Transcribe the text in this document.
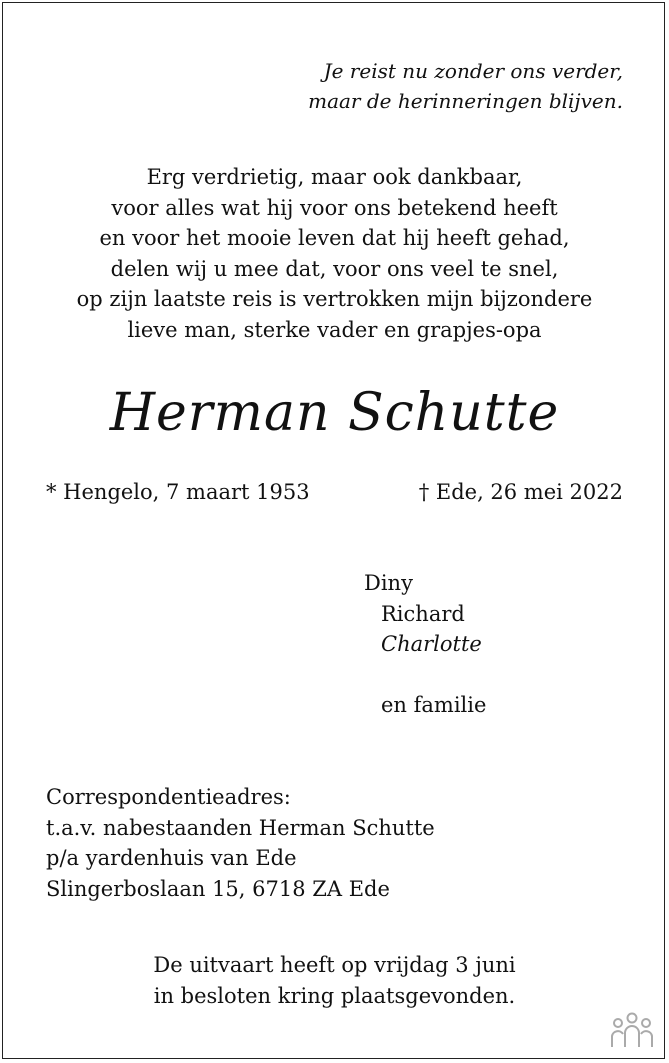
Je reist nu zonder ons verder,
maar de herinneringen blijven.
Erg verdrietig, maar ook dankbaar,
voor alles wat hij voor ons betekend heeft
en voor het mooie leven dat hij heeft gehad,
delen wij u mee dat, voor ons veel te snel,
op zijn laatste reis is vertrokken mijn bijzondere
lieve man, sterke vader en grapjes-opa
Herman Schutte
* Hengelo, 7 maart 1953	† Ede, 26 mei 2022
Diny
Richard
Charlotte
en familie
Correspondentieadres:
t.a.v. nabestaanden Herman Schutte
p/a yardenhuis van Ede
Slingerboslaan 15, 6718 ZA Ede
De uitvaart heeft op vrijdag 3 juni
in besloten kring plaatsgevonden.
